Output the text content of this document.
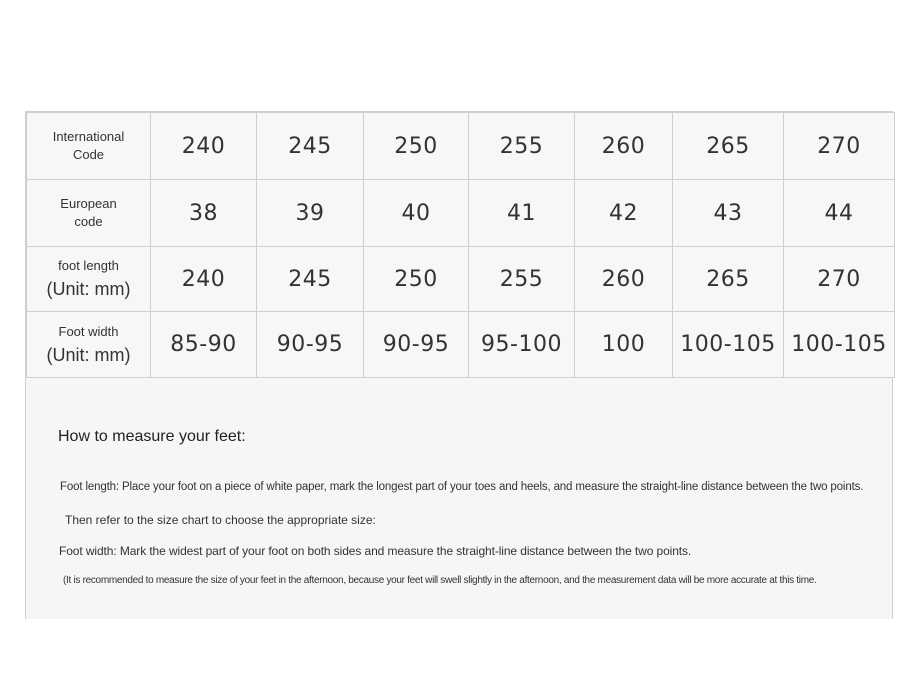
International
Code	240	245	250	255	260	265	270

European
code	38	39	40	41	42	43	44

foot length
(Unit: mm)	240	245	250	255	260	265	270

Foot width
(Unit: mm)	85-90	90-95	90-95	95-100	100	100-105	100-105
How to measure your feet:
Foot length: Place your foot on a piece of white paper, mark the longest part of your toes and heels, and measure the straight-line distance between the two points.
Then refer to the size chart to choose the appropriate size:
Foot width: Mark the widest part of your foot on both sides and measure the straight-line distance between the two points.
(It is recommended to measure the size of your feet in the afternoon, because your feet will swell slightly in the afternoon, and the measurement data will be more accurate at this time.
